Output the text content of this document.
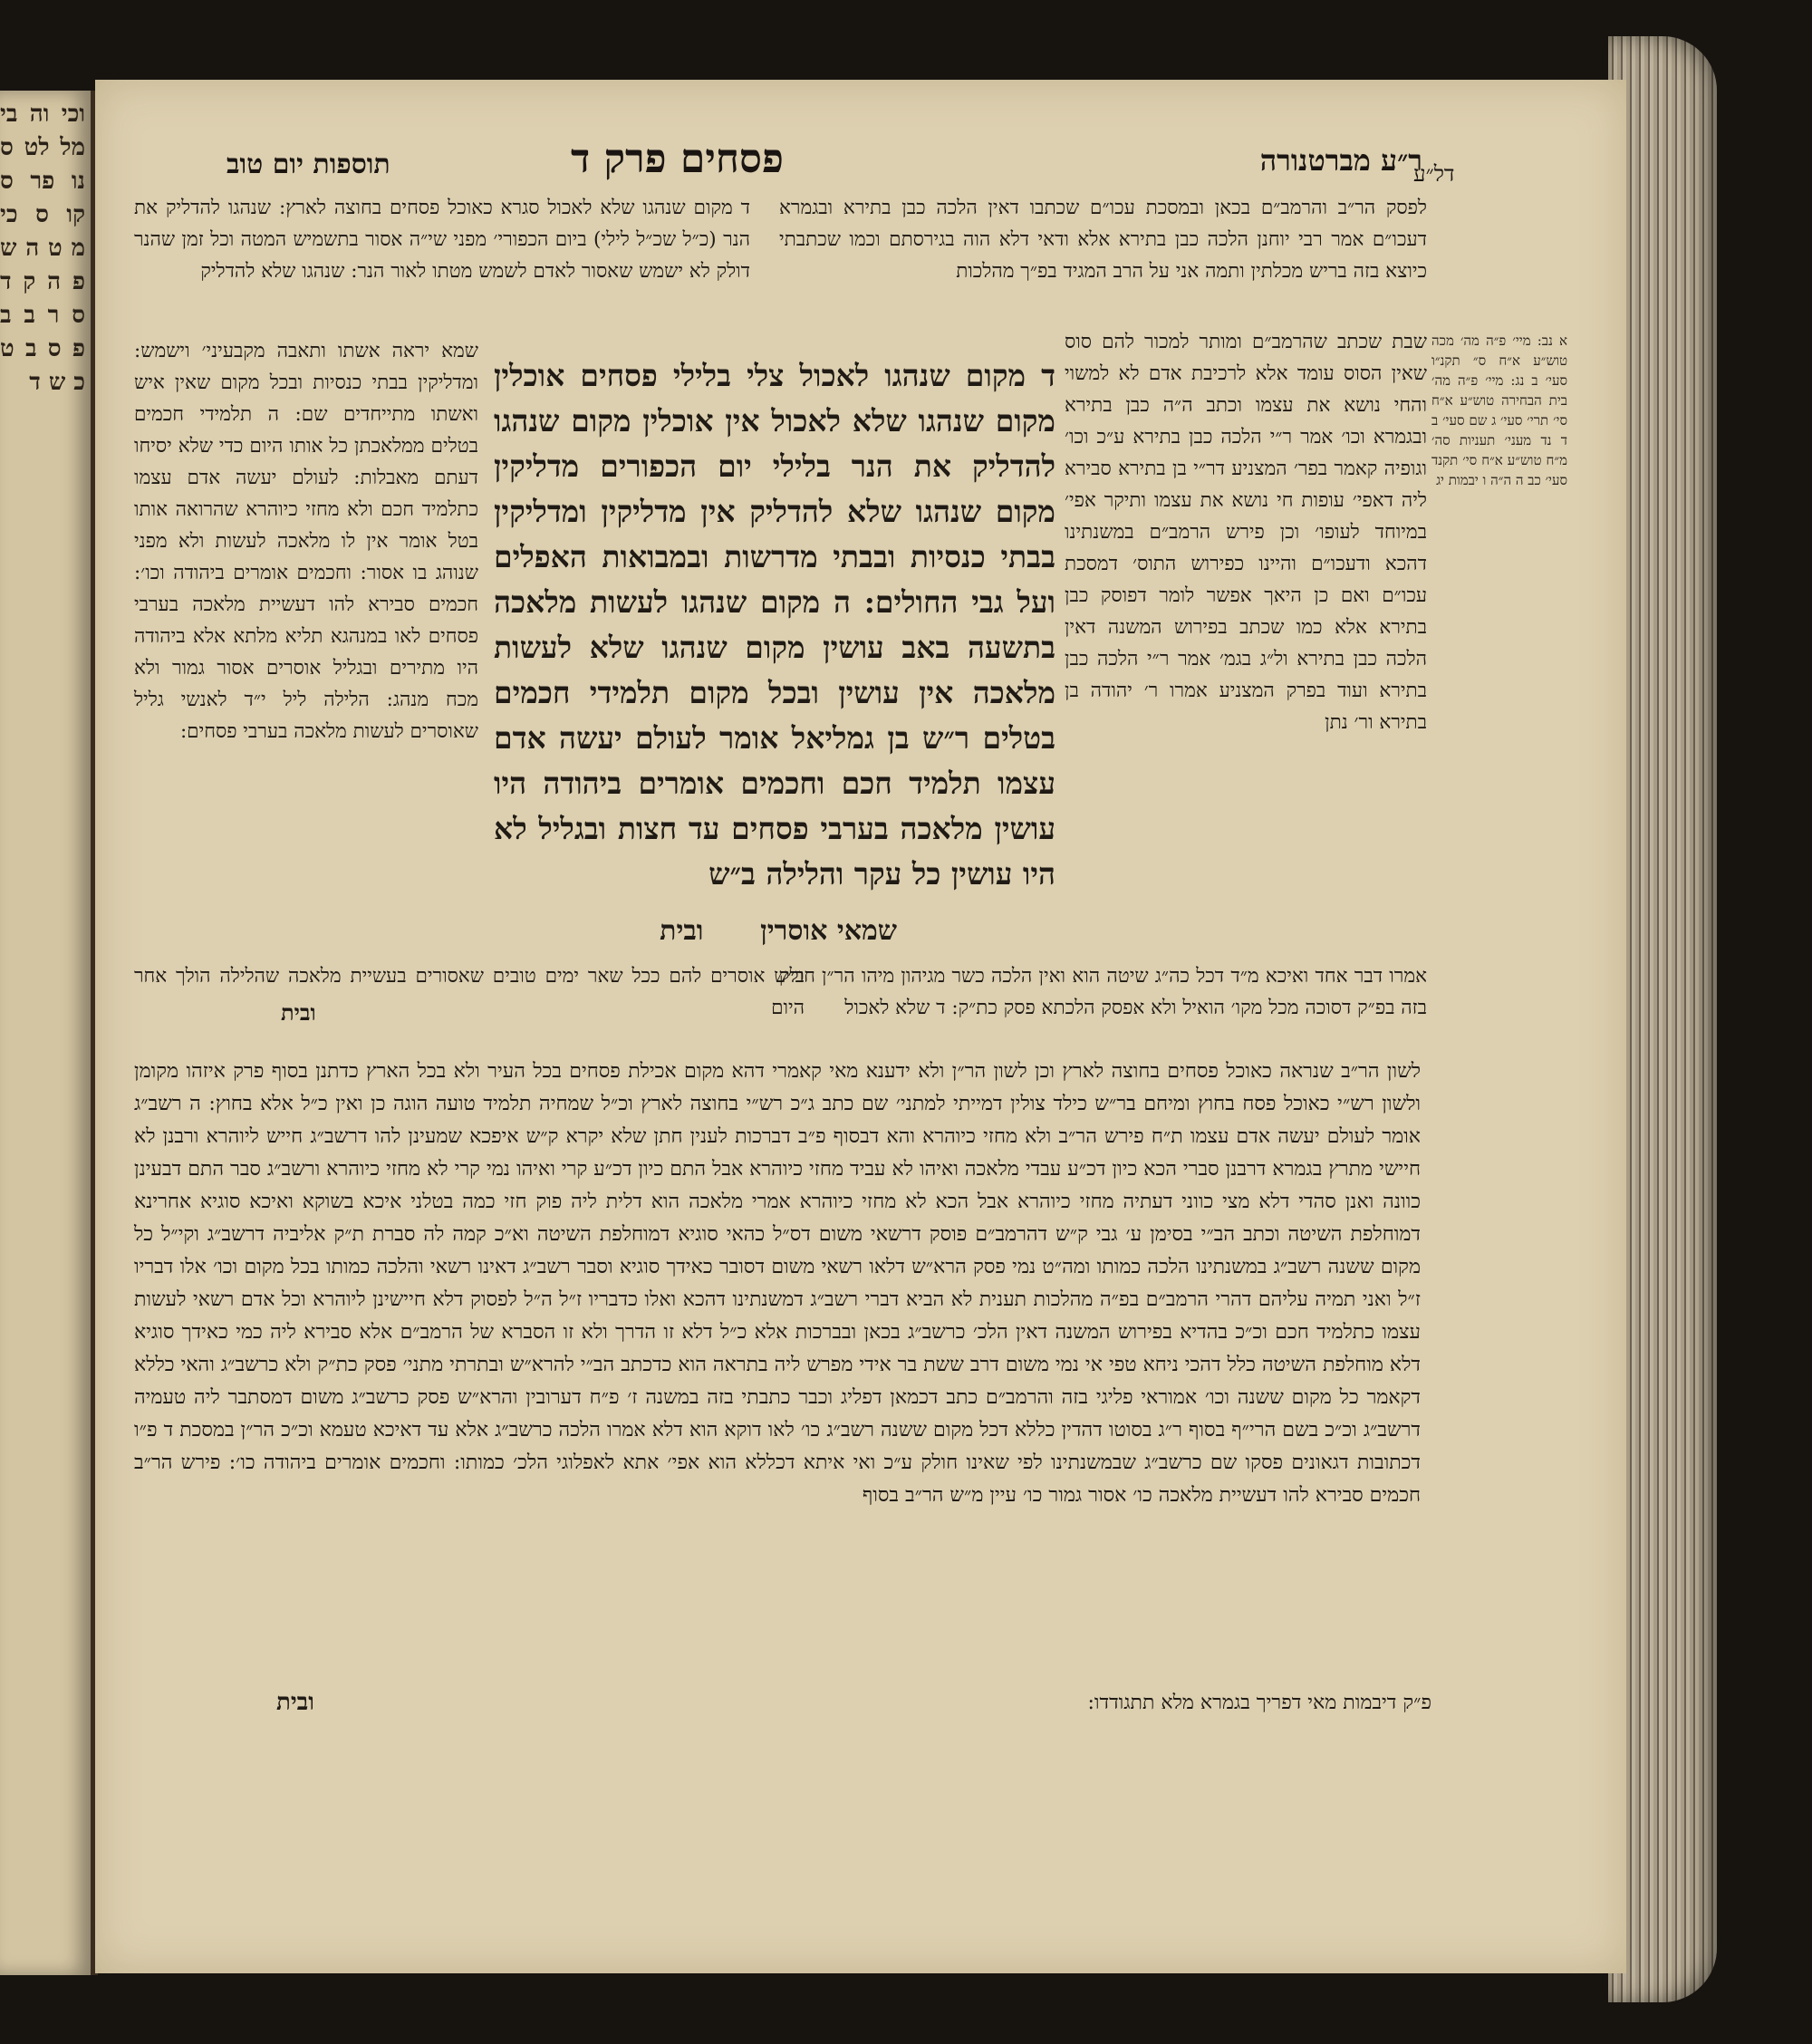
וכי וה בי מל לט ס נו פר ס קו ס כי מ ט ה ש פ ה ק ד ס ר ב ב פ ס ב ט כ ש ד
תוספות יום טוב	פסחים פרק ד	ר״ע מברטנורה
דל״ע

ד מקום שנהגו שלא לאכול סגרא כאוכל פסחים בחוצה לארץ: שנהגו להדליק את הנר (כ״ל שכ״ל לילי) ביום הכפורי׳ מפני שי״ה אסור בתשמיש המטה וכל זמן שהנר דולק לא ישמש שאסור לאדם לשמש מטתו לאור הנר: שנהגו שלא להדליק

לפסק הר״ב והרמב״ם בכאן ובמסכת עכו״ם שכתבו דאין הלכה כבן בתירא ובגמרא דעכו״ם אמר רבי יוחנן הלכה כבן בתירא אלא ודאי דלא הוה בגירסתם וכמו שכתבתי כיוצא בזה בריש מכלתין ותמה אני על הרב המגיד בפ״ך מהלכות

שמא יראה אשתו ותאבה מקבעיני׳ וישמש: ומדליקין בבתי כנסיות ובכל מקום שאין איש ואשתו מתייחדים שם: ה תלמידי חכמים בטלים ממלאכתן כל אותו היום כדי שלא יסיחו דעתם מאבלות: לעולם יעשה אדם עצמו כתלמיד חכם ולא מחזי כיוהרא שהרואה אותו בטל אומר אין לו מלאכה לעשות ולא מפני שנוהג בו אסור: וחכמים אומרים ביהודה וכו׳: חכמים סבירא להו דעשיית מלאכה בערבי פסחים לאו במנהגא תליא מלתא אלא ביהודה היו מתירים ובגליל אוסרים אסור גמור ולא מכח מנהג: הלילה ליל י״ד לאנשי גליל שאוסרים לעשות מלאכה בערבי פסחים:

ד מקום שנהגו לאכול צלי בלילי פסחים אוכלין מקום שנהגו שלא לאכול אין אוכלין מקום שנהגו להדליק את הנר בלילי יום הכפורים מדליקין מקום שנהגו שלא להדליק אין מדליקין ומדליקין בבתי כנסיות ובבתי מדרשות ובמבואות האפלים ועל גבי החולים: ה מקום שנהגו לעשות מלאכה בתשעה באב עושין מקום שנהגו שלא לעשות מלאכה אין עושין ובכל מקום תלמידי חכמים בטלים ר״ש בן גמליאל אומר לעולם יעשה אדם עצמו תלמיד חכם וחכמים אומרים ביהודה היו עושין מלאכה בערבי פסחים עד חצות ובגליל לא היו עושין כל עקר והלילה ב״ש

שמאי אוסרין      ובית

שבת שכתב שהרמב״ם ומותר למכור להם סוס שאין הסוס עומד אלא לרכיבת אדם לא למשוי והחי נושא את עצמו וכתב ה״ה כבן בתירא ובגמרא וכו׳ אמר ר״י הלכה כבן בתירא ע״כ וכו׳ וגופיה קאמר בפר׳ המצניע דר״י בן בתירא סבירא ליה דאפי׳ עופות חי נושא את עצמו ותיקר אפי׳ במיוחד לעופו׳ וכן פירש הרמב״ם במשנתינו דהכא ודעכו״ם והיינו כפירוש התוס׳ דמסכת עכו״ם ואם כן היאך אפשר לומר דפוסק כבן בתירא אלא כמו שכתב בפירוש המשנה דאין הלכה כבן בתירא ול״ג בגמ׳ אמר ר״י הלכה כבן בתירא ועוד בפרק המצניע אמרו ר׳ יהודה בן בתירא ור׳ נתן

א נב: מיי׳ פ״ה מה׳ מכה טוש״ע א״ח ס״ תקנ״ו סעי׳ ב נג: מיי׳ פ״ה מה׳ בית הבחירה טוש״ע א״ח סי׳ תרי׳ סעי׳ ג שם סעי׳ ב ד נד מעני׳ תעניות סה׳ מ״ח טוש״ע א״ח סי׳ תקנד סעי׳ כב ה ה״ה ו יבמות יג

ב״ש אוסרים להם ככל שאר ימים טובים שאסורים בעשיית מלאכה שהלילה הולך אחר היום

ובית

אמרו דבר אחד ואיכא מ״ד דכל כה״ג שיטה הוא ואין הלכה כשר מגיהון מיהו הר״ן חולק בזה בפ״ק דסוכה מכל מקו׳ הואיל ולא אפסק הלכתא פסק כת״ק: ד שלא לאכול

לשון הר״ב שנראה כאוכל פסחים בחוצה לארץ וכן לשון הר״ן ולא ידענא מאי קאמרי דהא מקום אכילת פסחים בכל העיר ולא בכל הארץ כדתנן בסוף פרק איזהו מקומן ולשון רש״י כאוכל פסח בחוץ ומיחם בר״ש כילד צולין דמייתי למתני׳ שם כתב ג״כ רש״י בחוצה לארץ וכ״ל שמחיה תלמיד טועה הוגה כן ואין כ״ל אלא בחוץ: ה רשב״ג אומר לעולם יעשה אדם עצמו ת״ח פירש הר״ב ולא מחזי כיוהרא והא דבסוף פ״ב דברכות לענין חתן שלא יקרא ק״ש איפכא שמעינן להו דרשב״ג חייש ליוהרא ורבנן לא חיישי מתרץ בגמרא דרבנן סברי הכא כיון דכ״ע עבדי מלאכה ואיהו לא עביד מחזי כיוהרא אבל התם כיון דכ״ע קרי ואיהו נמי קרי לא מחזי כיוהרא ורשב״ג סבר התם דבעינן כוונה ואנן סהדי דלא מצי כווני דעתיה מחזי כיוהרא אבל הכא לא מחזי כיוהרא אמרי מלאכה הוא דלית ליה פוק חזי כמה בטלני איכא בשוקא ואיכא סוגיא אחרינא דמוחלפת השיטה וכתב הב״י בסימן ע׳ גבי ק״ש דהרמב״ם פוסק דרשאי משום דס״ל כהאי סוגיא דמוחלפת השיטה וא״כ קמה לה סברת ת״ק אליביה דרשב״ג וקי״ל כל מקום ששנה רשב״ג במשנתינו הלכה כמותו ומה״ט נמי פסק הרא״ש דלאו רשאי משום דסובר כאידך סוגיא וסבר רשב״ג דאינו רשאי והלכה כמותו בכל מקום וכו׳ אלו דבריו ז״ל ואני תמיה עליהם דהרי הרמב״ם בפ״ה מהלכות תענית לא הביא דברי רשב״ג דמשנתינו דהכא ואלו כדבריו ז״ל ה״ל לפסוק דלא חיישינן ליוהרא וכל אדם רשאי לעשות עצמו כתלמיד חכם וכ״כ בהדיא בפירוש המשנה דאין הלכ׳ כרשב״ג בכאן ובברכות אלא כ״ל דלא זו הדרך ולא זו הסברא של הרמב״ם אלא סבירא ליה כמי כאידך סוגיא דלא מוחלפת השיטה כלל דהכי ניחא טפי אי נמי משום דרב ששת בר אידי מפרש ליה בתראה הוא כדכתב הב״י להרא״ש ובתרתי מתני׳ פסק כת״ק ולא כרשב״ג והאי כללא דקאמר כל מקום ששנה וכו׳ אמוראי פליגי בזה והרמב״ם כתב דכמאן דפליג וכבר כתבתי בזה במשנה ז׳ פ״ח דערובין והרא״ש פסק כרשב״ג משום דמסתבר ליה טעמיה דרשב״ג וכ״כ בשם הרי״ף בסוף ר״ג בסוטו דהדין כללא דכל מקום ששנה רשב״ג כו׳ לאו דוקא הוא דלא אמרו הלכה כרשב״ג אלא עד דאיכא טעמא וכ״כ הר״ן במסכת ד פ״ו דכתובות דגאונים פסקו שם כרשב״ג שבמשנתינו לפי שאינו חולק ע״כ ואי איתא דכללא הוא אפי׳ אתא לאפלוגי הלכ׳ כמותו: וחכמים אומרים ביהודה כו׳: פירש הר״ב חכמים סבירא להו דעשיית מלאכה כו׳ אסור גמור כו׳ עיין מ״ש הר״ב בסוף

ובית	פ״ק דיבמות מאי דפריך בגמרא מלא תתגודדו:
